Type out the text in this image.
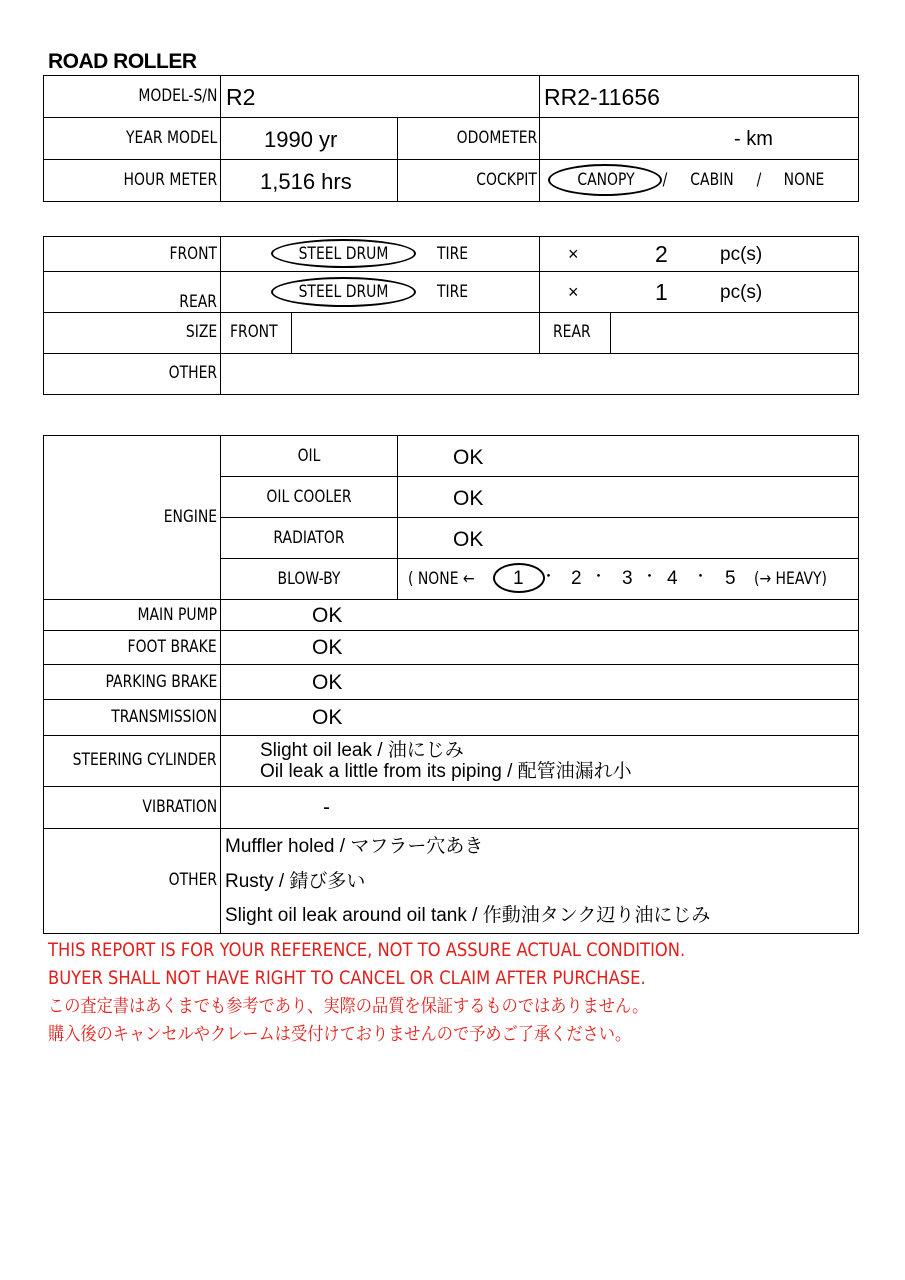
ROAD ROLLER
MODEL-S/N R2	RR2-11656
YEAR MODEL 1990 yr	ODOMETER	- km
HOUR METER 1,516 hrs	COCKPIT	CANOPY	/ CABIN / NONE
FRONT	STEEL DRUM	TIRE	×	2	pc(s)
REAR	STEEL DRUM	TIRE	×	1	pc(s)
SIZE FRONT	REAR
OTHER
ENGINE
OIL	OK
OIL COOLER	OK
RADIATOR	OK
BLOW-BY	( NONE ← 1 ・ 2 ・ 3 ・ 4 ・ 5 (→ HEAVY)
MAIN PUMP	OK
FOOT BRAKE	OK
PARKING BRAKE	OK
TRANSMISSION	OK
STEERING CYLINDER Slight oil leak / 油にじみ
Oil leak a little from its piping / 配管油漏れ小
VIBRATION	-
OTHER
Muffler holed / マフラー穴あき
Rusty / 錆び多い
Slight oil leak around oil tank / 作動油タンク辺り油にじみ
THIS REPORT IS FOR YOUR REFERENCE, NOT TO ASSURE ACTUAL CONDITION.
BUYER SHALL NOT HAVE RIGHT TO CANCEL OR CLAIM AFTER PURCHASE.
この査定書はあくまでも参考であり、実際の品質を保証するものではありません。
購入後のキャンセルやクレームは受付けておりませんので予めご了承ください。
